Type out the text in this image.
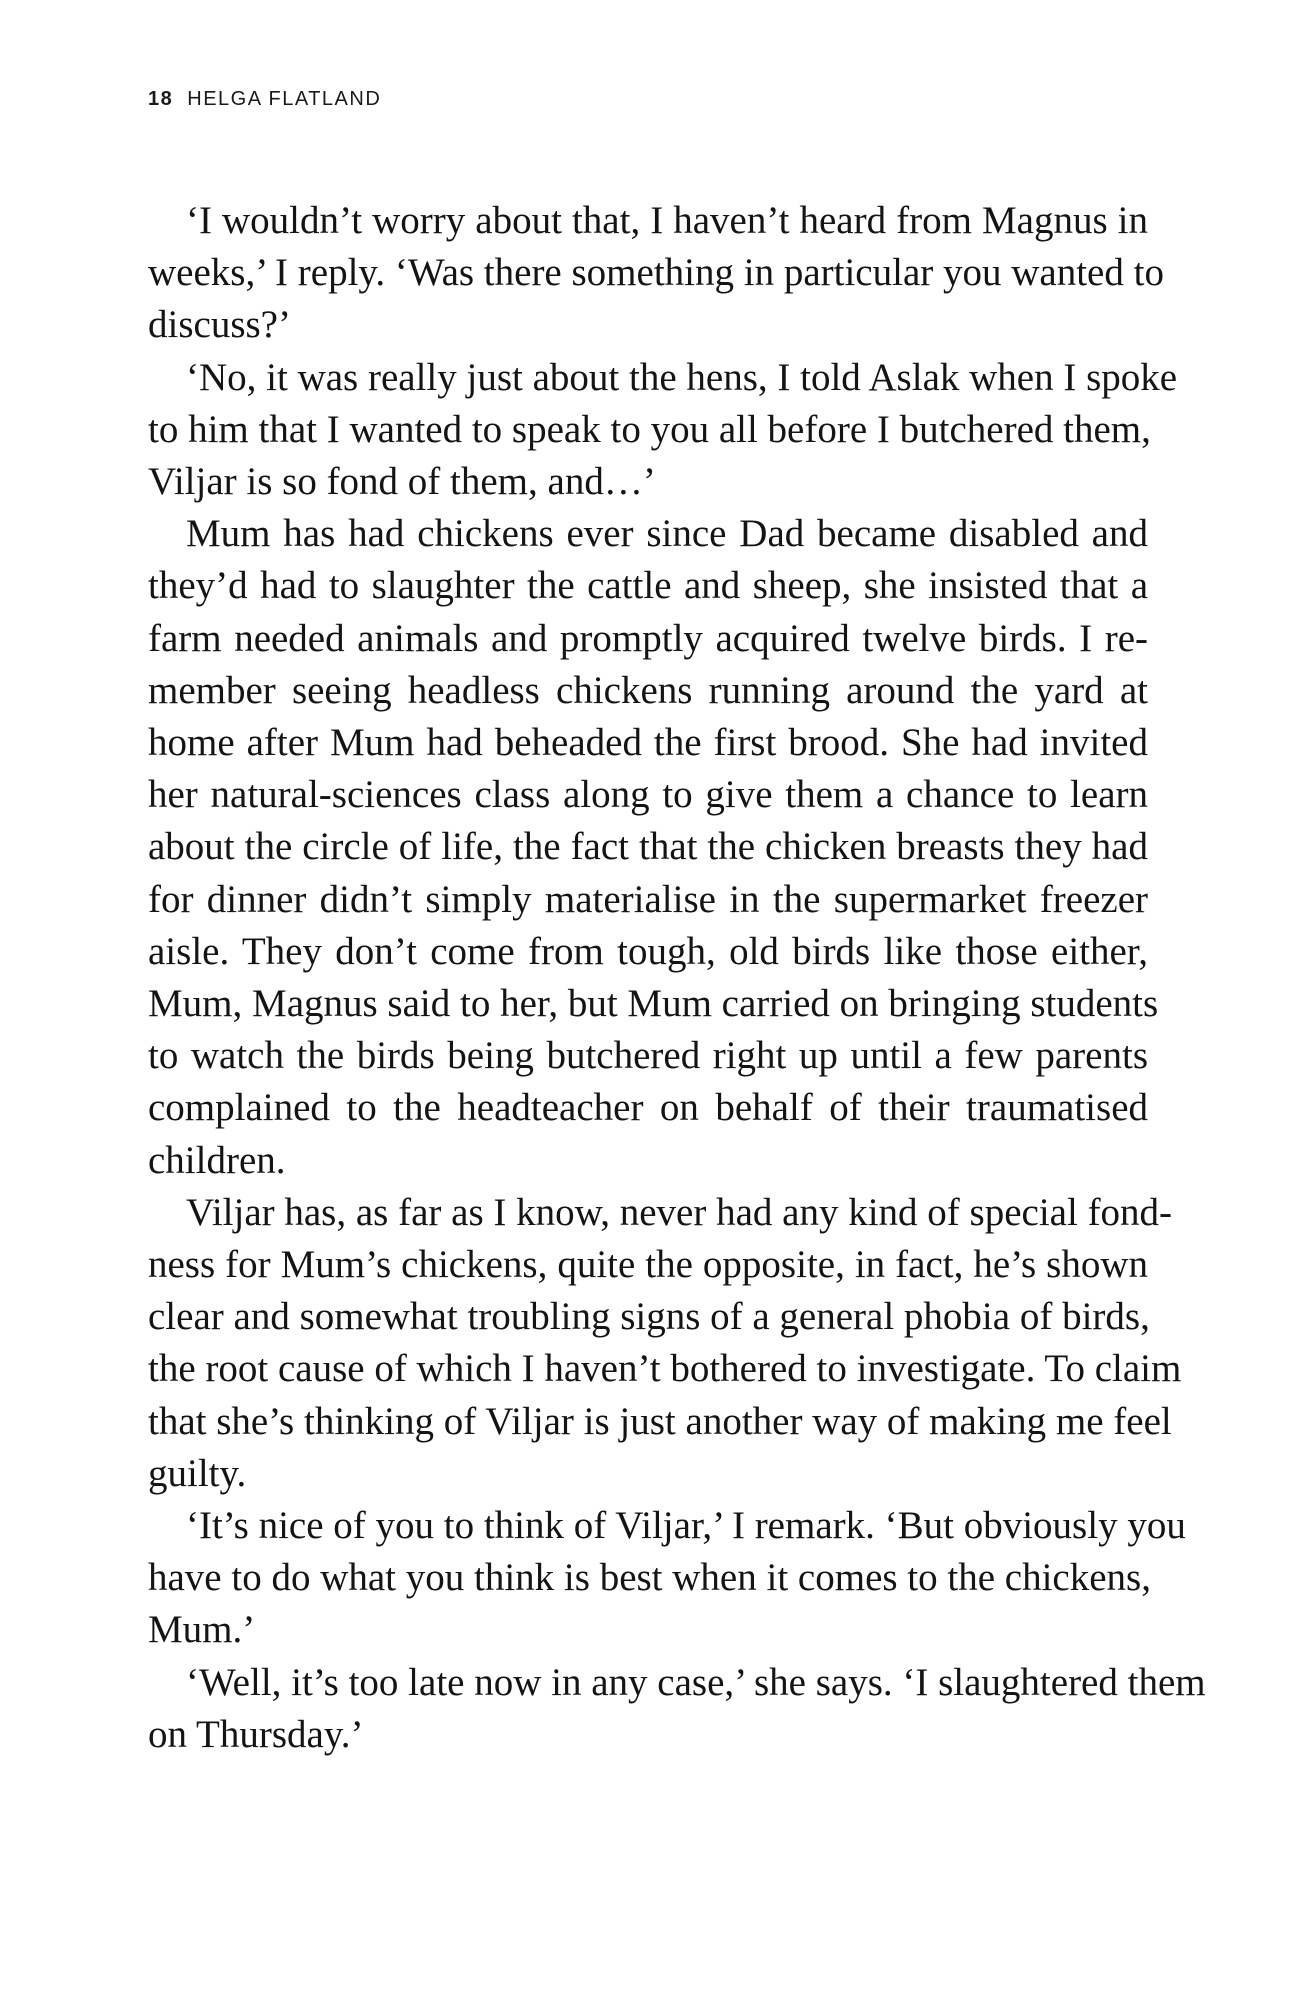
18 HELGA FLATLAND
‘I wouldn’t worry about that, I haven’t heard from Magnus in
weeks,’ I reply. ‘Was there something in particular you wanted to
discuss?’
‘No, it was really just about the hens, I told Aslak when I spoke
to him that I wanted to speak to you all before I butchered them,
Viljar is so fond of them, and…’
Mum has had chickens ever since Dad became disabled and
they’d had to slaughter the cattle and sheep, she insisted that a
farm needed animals and promptly acquired twelve birds. I re-
member seeing headless chickens running around the yard at
home after Mum had beheaded the first brood. She had invited
her natural-sciences class along to give them a chance to learn
about the circle of life, the fact that the chicken breasts they had
for dinner didn’t simply materialise in the supermarket freezer
aisle. They don’t come from tough, old birds like those either,
Mum, Magnus said to her, but Mum carried on bringing students
to watch the birds being butchered right up until a few parents
complained to the headteacher on behalf of their traumatised
children.
Viljar has, as far as I know, never had any kind of special fond-
ness for Mum’s chickens, quite the opposite, in fact, he’s shown
clear and somewhat troubling signs of a general phobia of birds,
the root cause of which I haven’t bothered to investigate. To claim
that she’s thinking of Viljar is just another way of making me feel
guilty.
‘It’s nice of you to think of Viljar,’ I remark. ‘But obviously you
have to do what you think is best when it comes to the chickens,
Mum.’
‘Well, it’s too late now in any case,’ she says. ‘I slaughtered them
on Thursday.’
